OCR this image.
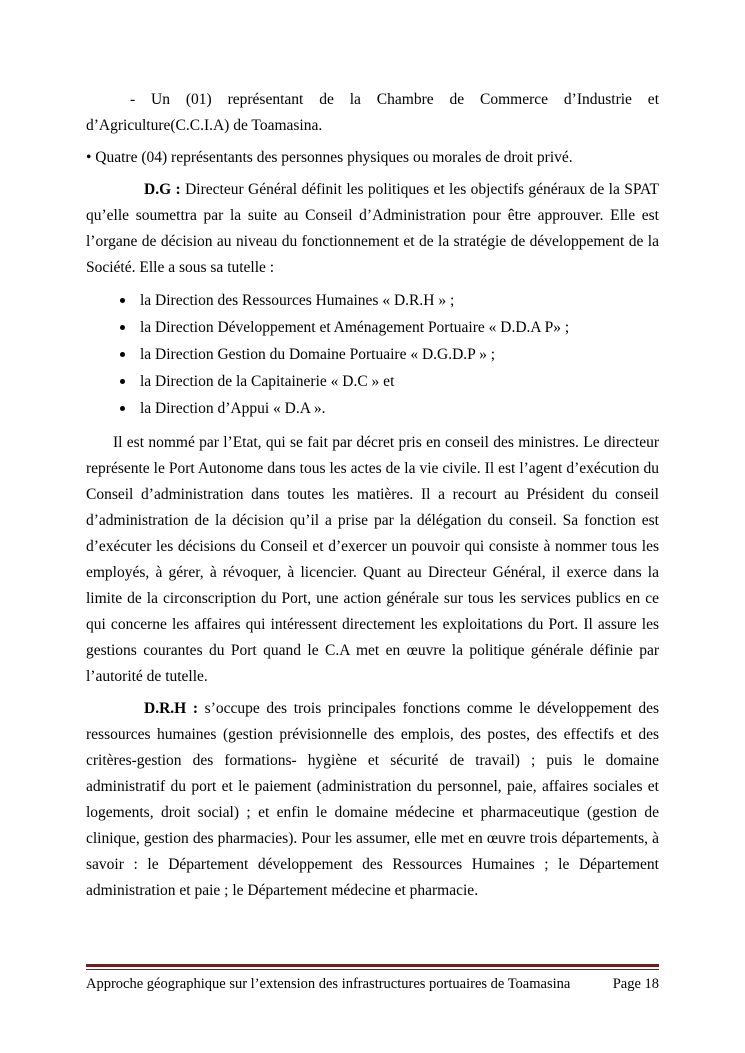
- Un (01) représentant de la Chambre de Commerce d’Industrie et d’Agriculture(C.C.I.A) de Toamasina.

• Quatre (04) représentants des personnes physiques ou morales de droit privé.

D.G : Directeur Général définit les politiques et les objectifs généraux de la SPAT qu’elle soumettra par la suite au Conseil d’Administration pour être approuver. Elle est l’organe de décision au niveau du fonctionnement et de la stratégie de développement de la Société. Elle a sous sa tutelle :

la Direction des Ressources Humaines « D.R.H » ;
la Direction Développement et Aménagement Portuaire « D.D.A P» ;
la Direction Gestion du Domaine Portuaire « D.G.D.P » ;
la Direction de la Capitainerie « D.C » et
la Direction d’Appui « D.A ».

Il est nommé par l’Etat, qui se fait par décret pris en conseil des ministres. Le directeur représente le Port Autonome dans tous les actes de la vie civile. Il est l’agent d’exécution du Conseil d’administration dans toutes les matières. Il a recourt au Président du conseil d’administration de la décision qu’il a prise par la délégation du conseil. Sa fonction est d’exécuter les décisions du Conseil et d’exercer un pouvoir qui consiste à nommer tous les employés, à gérer, à révoquer, à licencier. Quant au Directeur Général, il exerce dans la limite de la circonscription du Port, une action générale sur tous les services publics en ce qui concerne les affaires qui intéressent directement les exploitations du Port. Il assure les gestions courantes du Port quand le C.A met en œuvre la politique générale définie par l’autorité de tutelle.

D.R.H : s’occupe des trois principales fonctions comme le développement des ressources humaines (gestion prévisionnelle des emplois, des postes, des effectifs et des critères-gestion des formations- hygiène et sécurité de travail) ; puis le domaine administratif du port et le paiement (administration du personnel, paie, affaires sociales et logements, droit social) ; et enfin le domaine médecine et pharmaceutique (gestion de clinique, gestion des pharmacies). Pour les assumer, elle met en œuvre trois départements, à savoir : le Département développement des Ressources Humaines ; le Département administration et paie ; le Département médecine et pharmacie.

Approche géographique sur l’extension des infrastructures portuaires de Toamasina	Page 18
